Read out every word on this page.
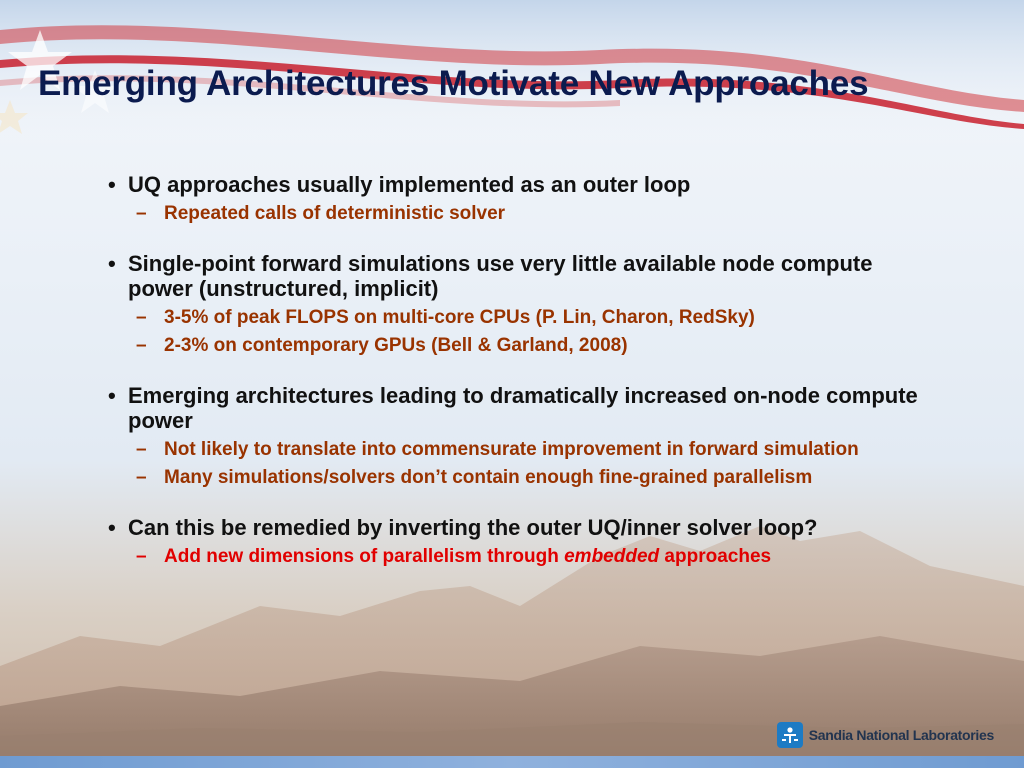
Emerging Architectures Motivate New Approaches
• UQ approaches usually implemented as an outer loop
– Repeated calls of deterministic solver
• Single-point forward simulations use very little available node compute power (unstructured, implicit)
– 3-5% of peak FLOPS on multi-core CPUs (P. Lin, Charon, RedSky)
– 2-3% on contemporary GPUs (Bell & Garland, 2008)
• Emerging architectures leading to dramatically increased on-node compute power
– Not likely to translate into commensurate improvement in forward simulation
– Many simulations/solvers don’t contain enough fine-grained parallelism
• Can this be remedied by inverting the outer UQ/inner solver loop?
– Add new dimensions of parallelism through embedded approaches
Sandia National Laboratories
